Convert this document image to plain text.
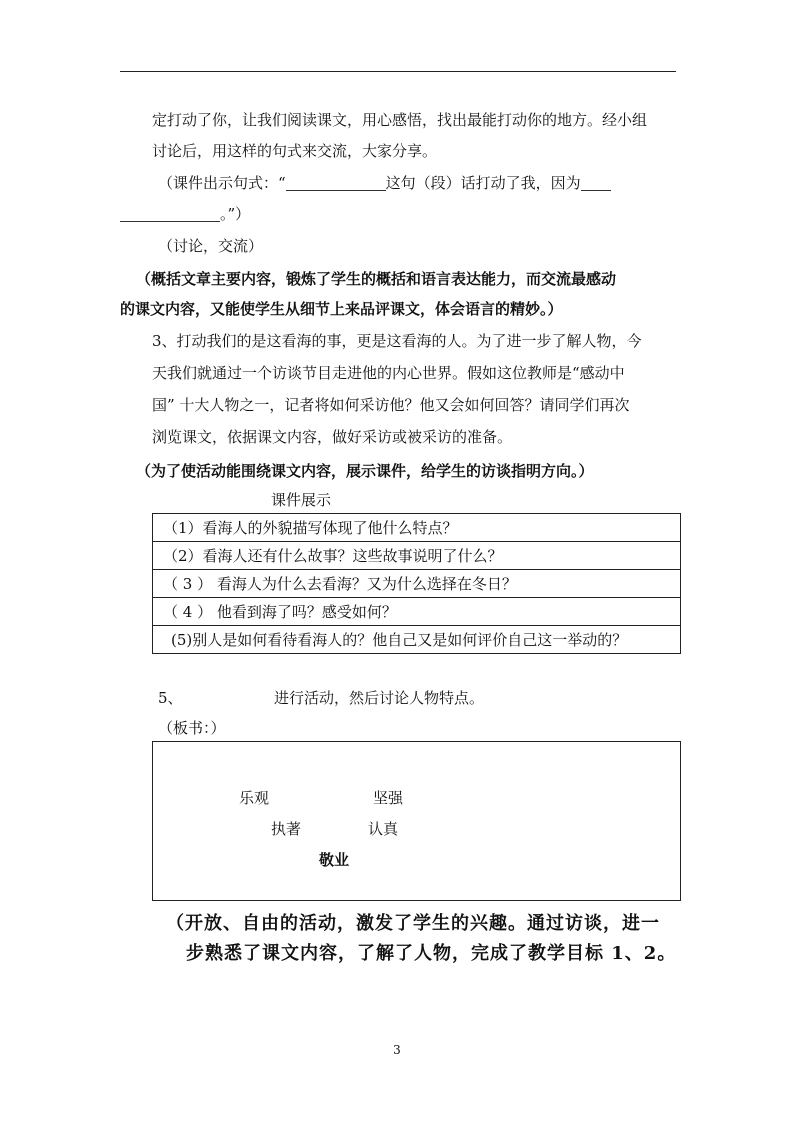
定打动了你，让我们阅读课文，用心感悟，找出最能打动你的地方。经小组
讨论后，用这样的句式来交流，大家分享。
（课件出示句式：“	这句（段）话打动了我，因为
。”）
（讨论，交流）
（概括文章主要内容，锻炼了学生的概括和语言表达能力，而交流最感动
的课文内容，又能使学生从细节上来品评课文，体会语言的精妙。）
3、打动我们的是这看海的事，更是这看海的人。为了进一步了解人物，今
天我们就通过一个访谈节目走进他的内心世界。假如这位教师是“感动中
国” 十大人物之一，记者将如何采访他？他又会如何回答？请同学们再次
浏览课文，依据课文内容，做好采访或被采访的准备。
（为了使活动能围绕课文内容，展示课件，给学生的访谈指明方向。）
课件展示
（1）看海人的外貌描写体现了他什么特点？
（2）看海人还有什么故事？这些故事说明了什么？
（ 3 ） 看海人为什么去看海？又为什么选择在冬日？
（ 4 ） 他看到海了吗？感受如何？
(5)别人是如何看待看海人的？他自己又是如何评价自己这一举动的？
5、	进行活动，然后讨论人物特点。
（板书：）
乐观	坚强
执著	认真
敬业
（开放、自由的活动，激发了学生的兴趣。通过访谈，进一
步熟悉了课文内容，了解了人物，完成了教学目标 1、2。
3
